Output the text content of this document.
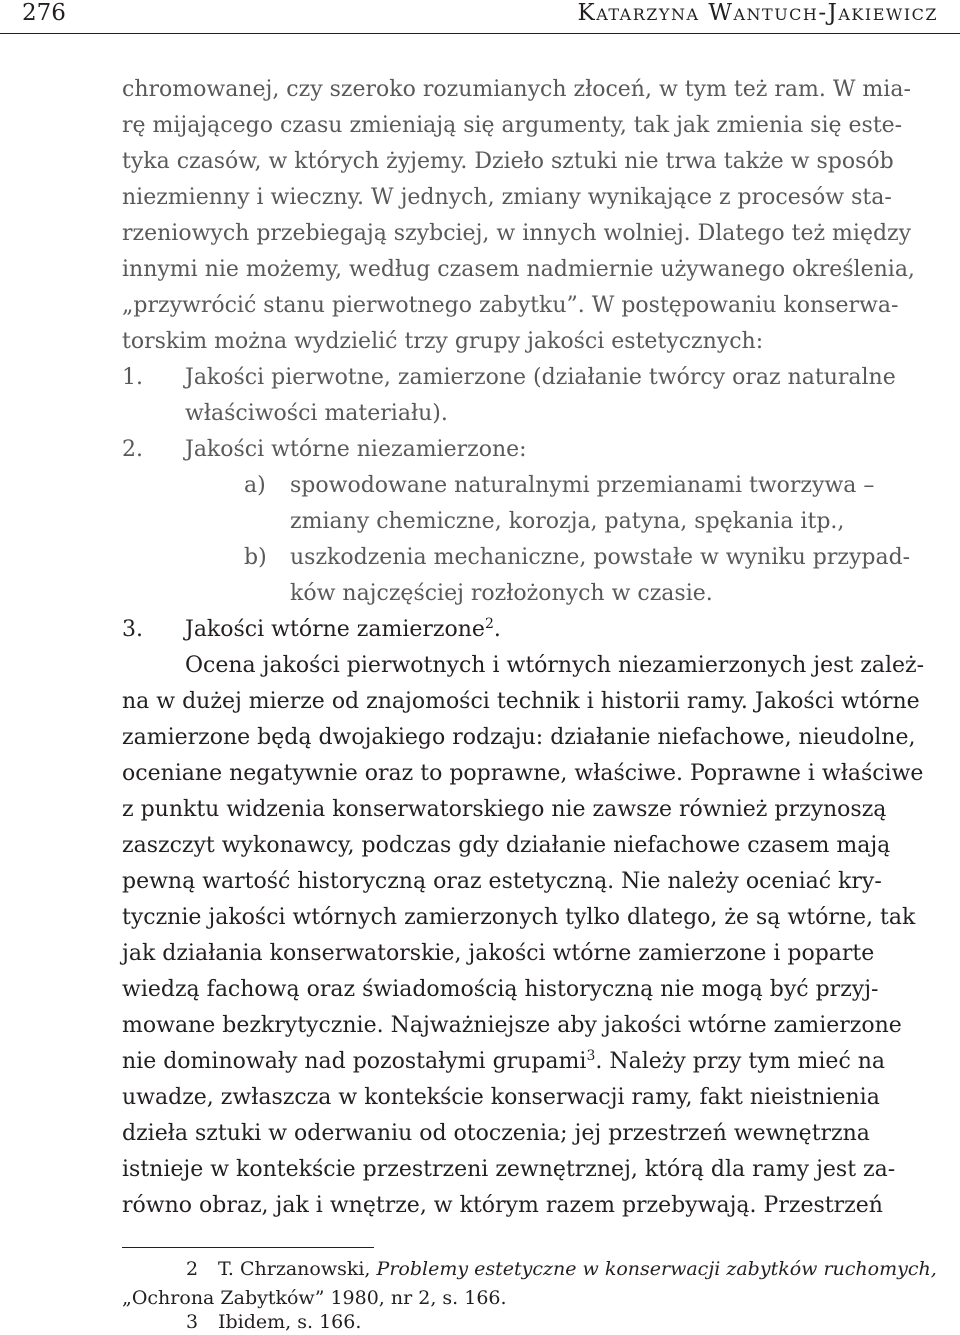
276	Katarzyna Wantuch-Jakiewicz
chromowanej, czy szeroko rozumianych złoceń, w tym też ram. W mia-
rę mijającego czasu zmieniają się argumenty, tak jak zmienia się este-
tyka czasów, w których żyjemy. Dzieło sztuki nie trwa także w sposób
niezmienny i wieczny. W jednych, zmiany wynikające z procesów sta-
rzeniowych przebiegają szybciej, w innych wolniej. Dlatego też między
innymi nie możemy, według czasem nadmiernie używanego określenia,
„przywrócić stanu pierwotnego zabytku”. W postępowaniu konserwa-
torskim można wydzielić trzy grupy jakości estetycznych:
1. Jakości pierwotne, zamierzone (działanie twórcy oraz naturalne
właściwości materiału).
2. Jakości wtórne niezamierzone:
a) spowodowane naturalnymi przemianami tworzywa –
zmiany chemiczne, korozja, patyna, spękania itp.,
b) uszkodzenia mechaniczne, powstałe w wyniku przypad-
ków najczęściej rozłożonych w czasie.
3. Jakości wtórne zamierzone$^2$.
Ocena jakości pierwotnych i wtórnych niezamierzonych jest zależ-
na w dużej mierze od znajomości technik i historii ramy. Jakości wtórne
zamierzone będą dwojakiego rodzaju: działanie niefachowe, nieudolne,
oceniane negatywnie oraz to poprawne, właściwe. Poprawne i właściwe
z punktu widzenia konserwatorskiego nie zawsze również przynoszą
zaszczyt wykonawcy, podczas gdy działanie niefachowe czasem mają
pewną wartość historyczną oraz estetyczną. Nie należy oceniać kry-
tycznie jakości wtórnych zamierzonych tylko dlatego, że są wtórne, tak
jak działania konserwatorskie, jakości wtórne zamierzone i poparte
wiedzą fachową oraz świadomością historyczną nie mogą być przyj-
mowane bezkrytycznie. Najważniejsze aby jakości wtórne zamierzone
nie dominowały nad pozostałymi grupami$^3$. Należy przy tym mieć na
uwadze, zwłaszcza w kontekście konserwacji ramy, fakt nieistnienia
dzieła sztuki w oderwaniu od otoczenia; jej przestrzeń wewnętrzna
istnieje w kontekście przestrzeni zewnętrznej, którą dla ramy jest za-
równo obraz, jak i wnętrze, w którym razem przebywają. Przestrzeń
2 T. Chrzanowski, Problemy estetyczne w konserwacji zabytków ruchomych,
„Ochrona Zabytków” 1980, nr 2, s. 166.
3 Ibidem, s. 166.
